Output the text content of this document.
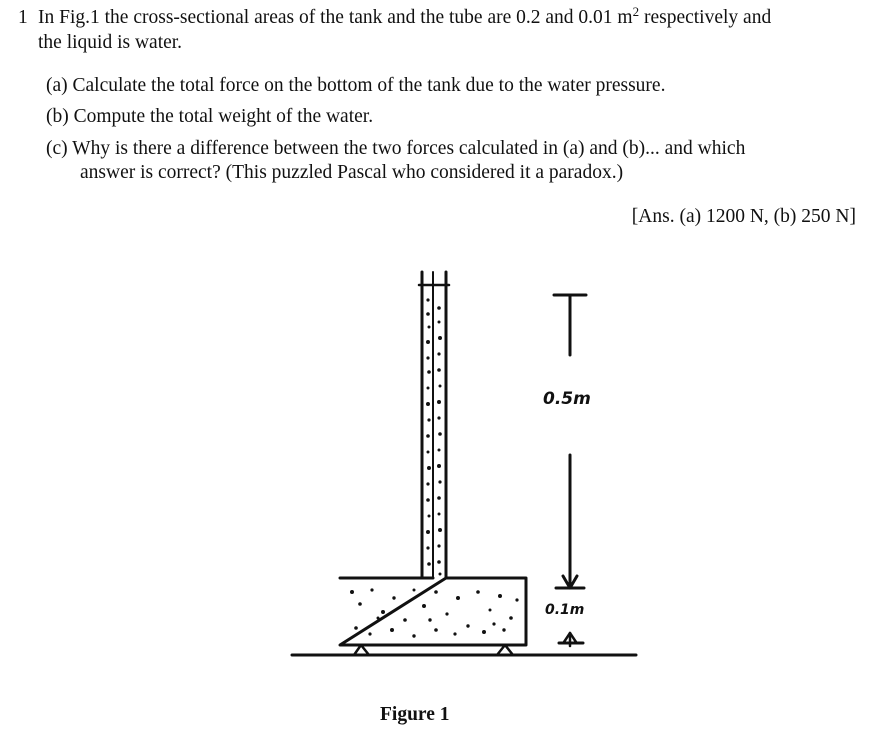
1 In Fig.1 the cross-sectional areas of the tank and the tube are 0.2 and 0.01 $m^2$ respectively and
the liquid is water.
(a) Calculate the total force on the bottom of the tank due to the water pressure.
(b) Compute the total weight of the water.
(c) Why is there a difference between the two forces calculated in (a) and (b)... and which
answer is correct? (This puzzled Pascal who considered it a paradox.)
[Ans. (a) 1200 N, (b) 250 N]
0.5m
0.1m
Figure 1
